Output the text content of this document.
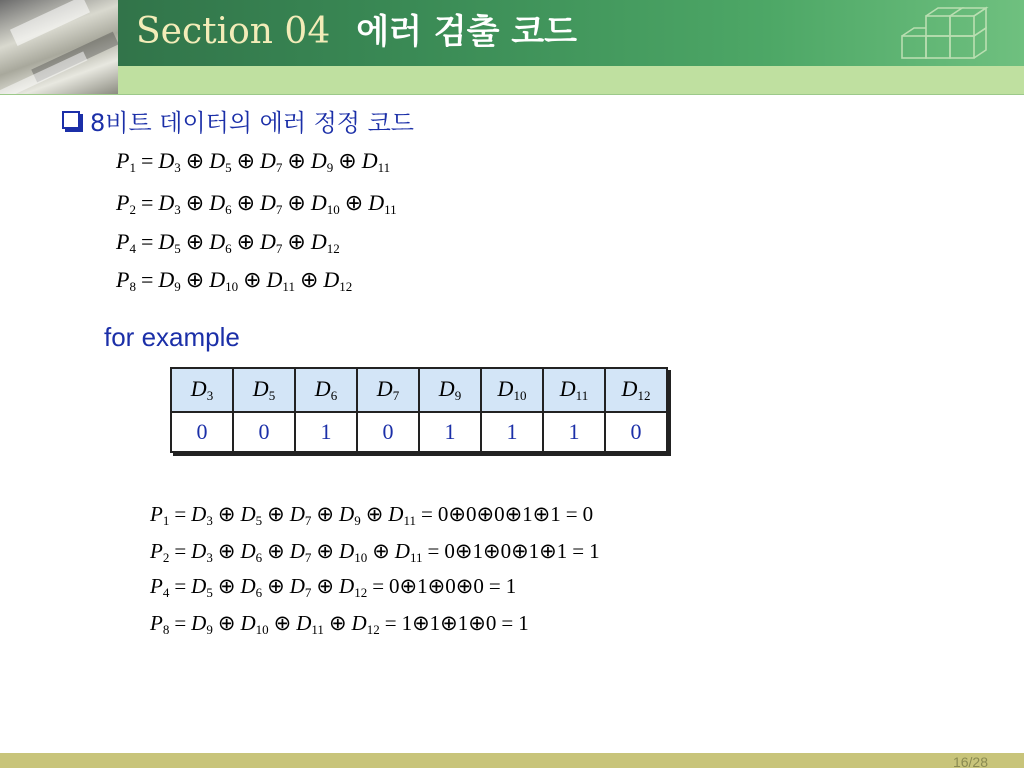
Section 04 에러 검출 코드
8비트 데이터의 에러 정정 코드
$P_1 = D_3$ ⊕ $D_5$ ⊕ $D_7$ ⊕ $D_9$ ⊕ $D_{11}$
$P_2 = D_3$ ⊕ $D_6$ ⊕ $D_7$ ⊕ $D_{10}$ ⊕ $D_{11}$
$P_4 = D_5$ ⊕ $D_6$ ⊕ $D_7$ ⊕ $D_{12}$
$P_8 = D_9$ ⊕ $D_{10}$ ⊕ $D_{11}$ ⊕ $D_{12}$
for example
$D_3$	$D_5$	$D_6$	$D_7$	$D_9$	$D_{10}$	$D_{11}$	$D_{12}$
0	0	1	0	1	1	1	0
$P_1 = D_3$ ⊕ $D_5$ ⊕ $D_7$ ⊕ $D_9$ ⊕ $D_{11}$ = 0⊕0⊕0⊕1⊕1 = 0
$P_2 = D_3$ ⊕ $D_6$ ⊕ $D_7$ ⊕ $D_{10}$ ⊕ $D_{11}$ = 0⊕1⊕0⊕1⊕1 = 1
$P_4 = D_5$ ⊕ $D_6$ ⊕ $D_7$ ⊕ $D_{12}$ = 0⊕1⊕0⊕0 = 1
$P_8 = D_9$ ⊕ $D_{10}$ ⊕ $D_{11}$ ⊕ $D_{12}$ = 1⊕1⊕1⊕0 = 1
16/28
